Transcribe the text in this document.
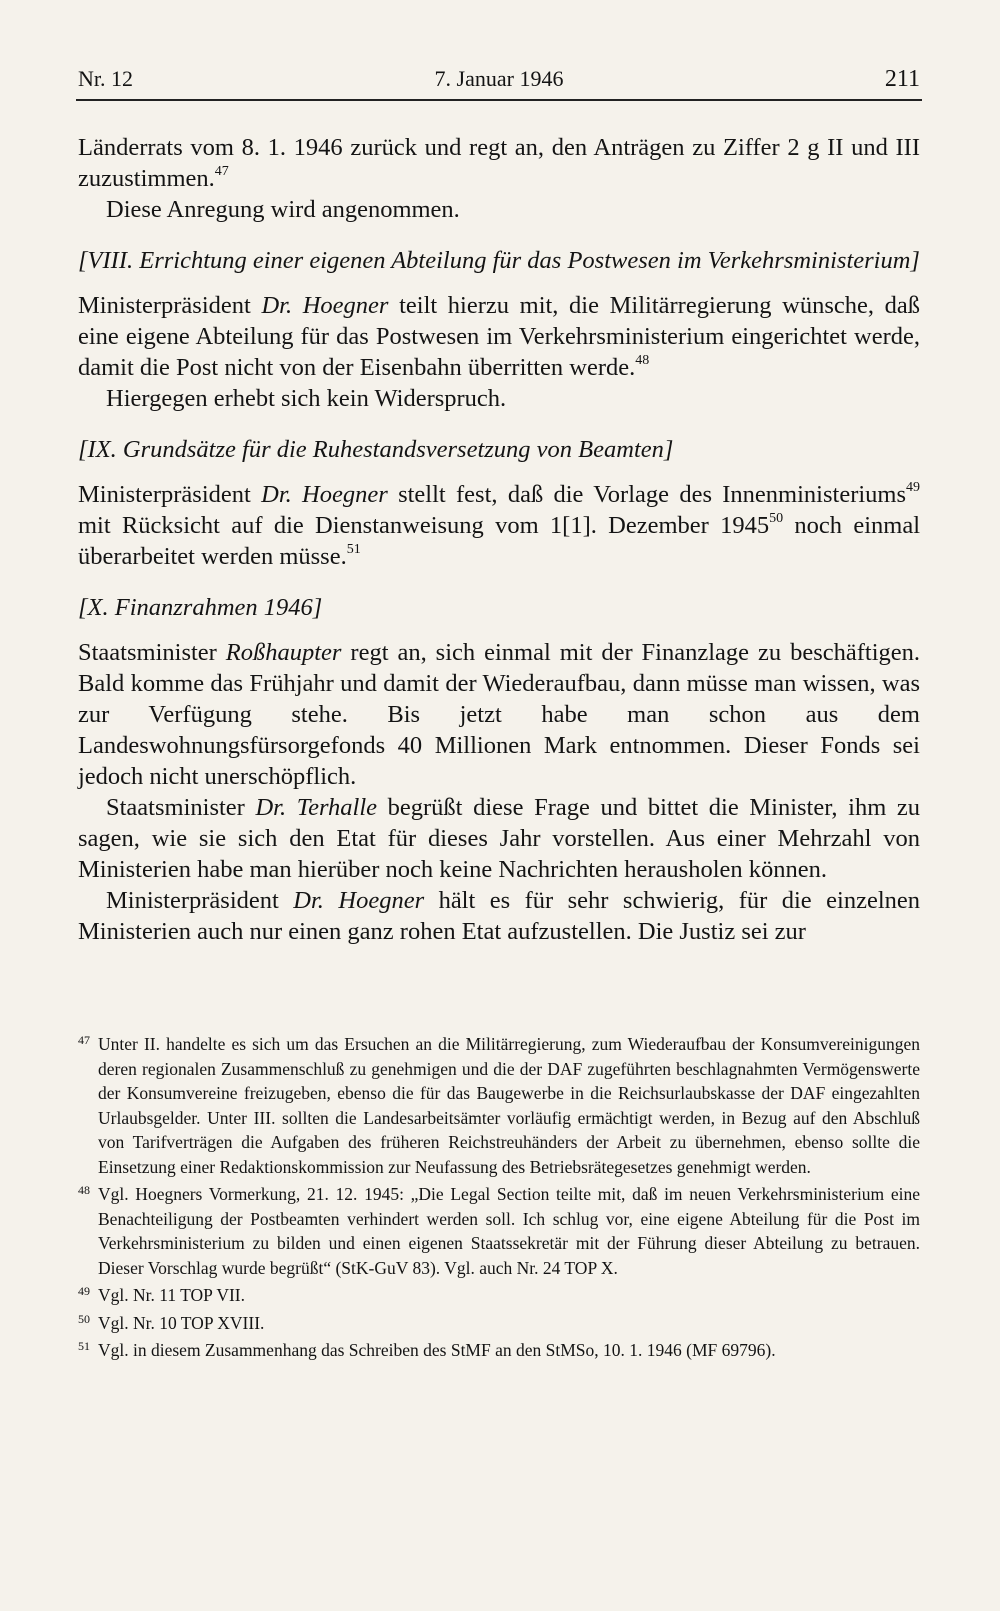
Nr. 12	7. Januar 1946	211

Länderrats vom 8. 1. 1946 zurück und regt an, den Anträgen zu Ziffer 2 g II und III zuzustimmen.$^{47}$

Diese Anregung wird angenommen.

[VIII. Errichtung einer eigenen Abteilung für das Postwesen im Verkehrsministerium]

Ministerpräsident Dr. Hoegner teilt hierzu mit, die Militärregierung wünsche, daß eine eigene Abteilung für das Postwesen im Verkehrsministerium eingerichtet werde, damit die Post nicht von der Eisenbahn überritten werde.$^{48}$

Hiergegen erhebt sich kein Widerspruch.

[IX. Grundsätze für die Ruhestandsversetzung von Beamten]

Ministerpräsident Dr. Hoegner stellt fest, daß die Vorlage des Innenministeriums$^{49}$ mit Rücksicht auf die Dienstanweisung vom 1[1]. Dezember 1945$^{50}$ noch einmal überarbeitet werden müsse.$^{51}$

[X. Finanzrahmen 1946]

Staatsminister Roßhaupter regt an, sich einmal mit der Finanzlage zu beschäftigen. Bald komme das Frühjahr und damit der Wiederaufbau, dann müsse man wissen, was zur Verfügung stehe. Bis jetzt habe man schon aus dem Landeswohnungsfürsorgefonds 40 Millionen Mark entnommen. Dieser Fonds sei jedoch nicht unerschöpflich.

Staatsminister Dr. Terhalle begrüßt diese Frage und bittet die Minister, ihm zu sagen, wie sie sich den Etat für dieses Jahr vorstellen. Aus einer Mehrzahl von Ministerien habe man hierüber noch keine Nachrichten herausholen können.

Ministerpräsident Dr. Hoegner hält es für sehr schwierig, für die einzelnen Ministerien auch nur einen ganz rohen Etat aufzustellen. Die Justiz sei zur

47 Unter II. handelte es sich um das Ersuchen an die Militärregierung, zum Wiederaufbau der Konsumvereinigungen deren regionalen Zusammenschluß zu genehmigen und die der DAF zugeführten beschlagnahmten Vermögenswerte der Konsumvereine freizugeben, ebenso die für das Baugewerbe in die Reichsurlaubskasse der DAF eingezahlten Urlaubsgelder. Unter III. sollten die Landesarbeitsämter vorläufig ermächtigt werden, in Bezug auf den Abschluß von Tarifverträgen die Aufgaben des früheren Reichstreuhänders der Arbeit zu übernehmen, ebenso sollte die Einsetzung einer Redaktionskommission zur Neufassung des Betriebsrätegesetzes genehmigt werden.
48 Vgl. Hoegners Vormerkung, 21. 12. 1945: „Die Legal Section teilte mit, daß im neuen Verkehrsministerium eine Benachteiligung der Postbeamten verhindert werden soll. Ich schlug vor, eine eigene Abteilung für die Post im Verkehrsministerium zu bilden und einen eigenen Staatssekretär mit der Führung dieser Abteilung zu betrauen. Dieser Vorschlag wurde begrüßt“ (StK-GuV 83). Vgl. auch Nr. 24 TOP X.
49 Vgl. Nr. 11 TOP VII.
50 Vgl. Nr. 10 TOP XVIII.
51 Vgl. in diesem Zusammenhang das Schreiben des StMF an den StMSo, 10. 1. 1946 (MF 69796).
